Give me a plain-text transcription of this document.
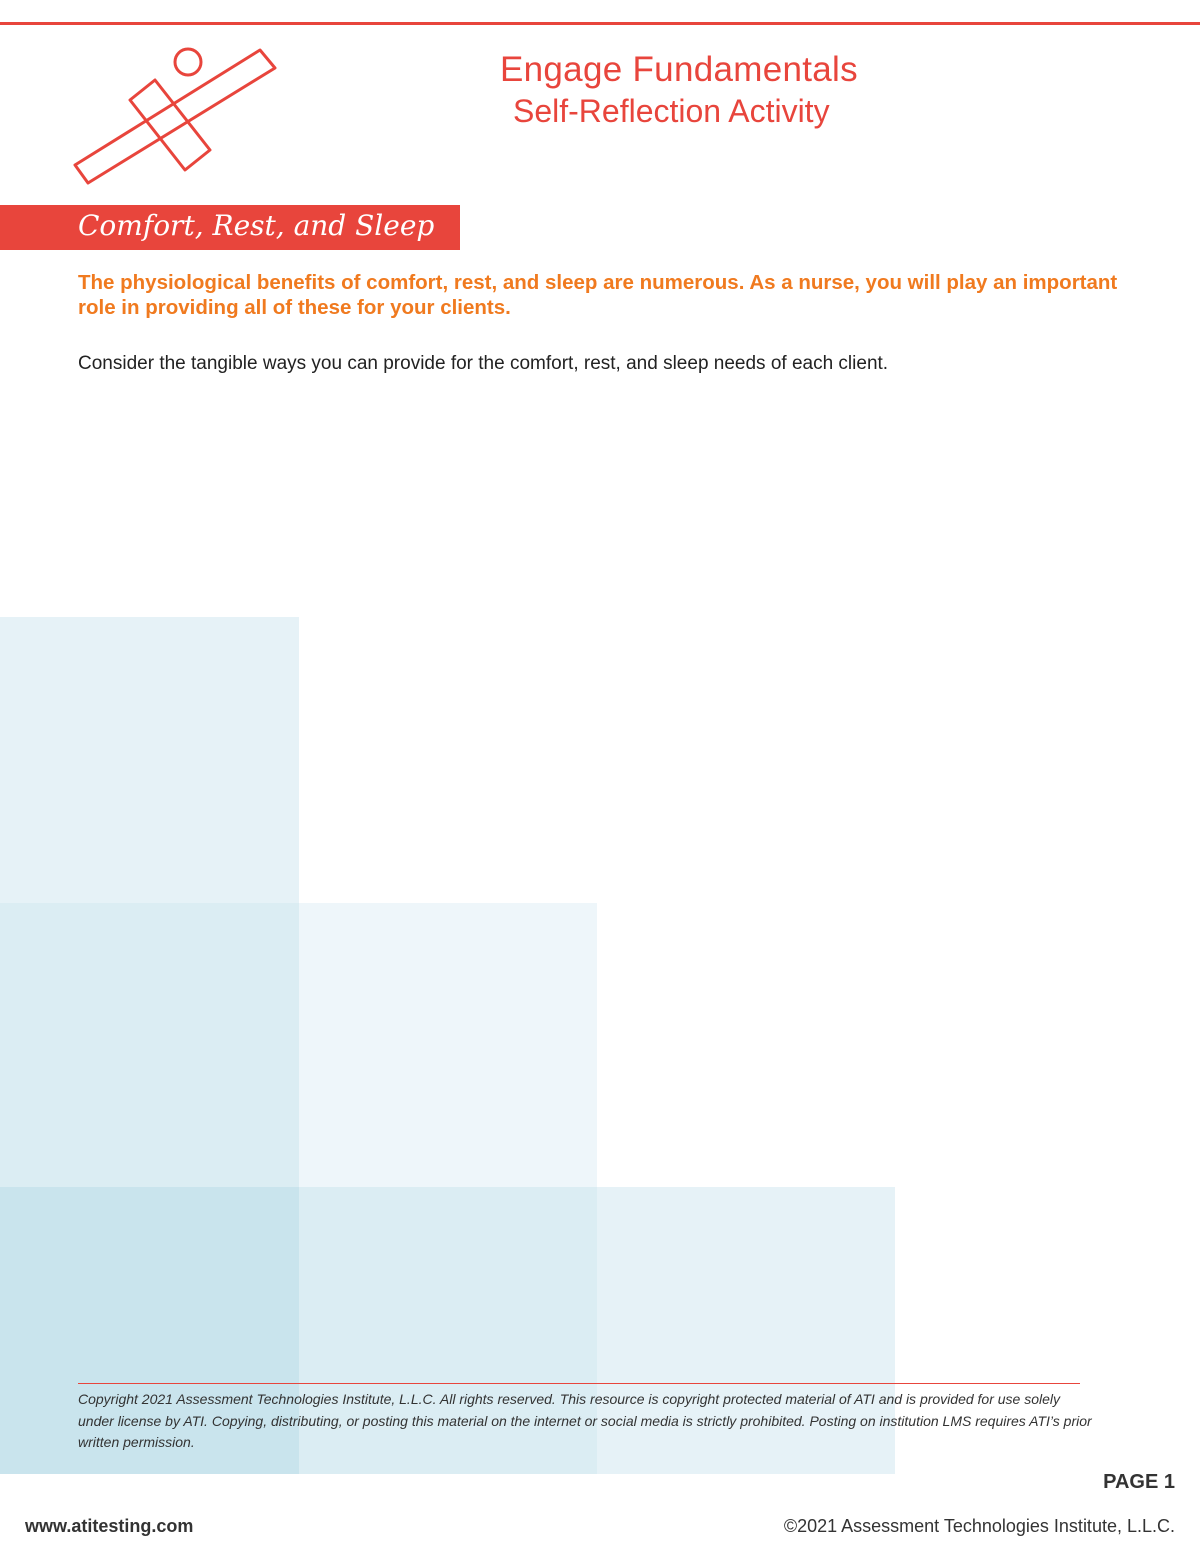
Engage Fundamentals
Self-Reflection Activity
Comfort, Rest, and Sleep
The physiological benefits of comfort, rest, and sleep are numerous. As a nurse, you will play an important role in providing all of these for your clients.
Consider the tangible ways you can provide for the comfort, rest, and sleep needs of each client.
Copyright 2021 Assessment Technologies Institute, L.L.C. All rights reserved. This resource is copyright protected material of ATI and is provided for use solely under license by ATI. Copying, distributing, or posting this material on the internet or social media is strictly prohibited. Posting on institution LMS requires ATI’s prior written permission.
PAGE 1
www.atitesting.com	©2021 Assessment Technologies Institute, L.L.C.
